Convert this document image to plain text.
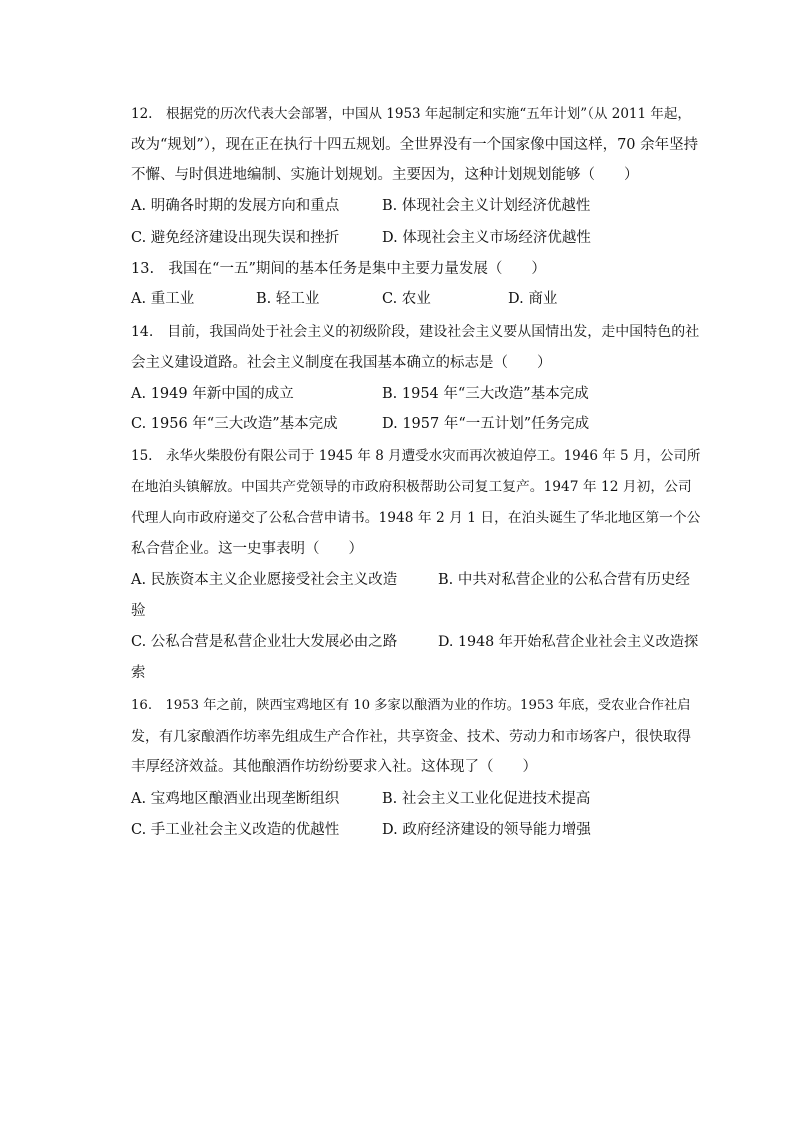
12.　根据党的历次代表大会部署，中国从 1953 年起制定和实施“五年计划”（从 2011 年起，
改为“规划”），现在正在执行十四五规划。全世界没有一个国家像中国这样，70 余年坚持
不懈、与时俱进地编制、实施计划规划。主要因为，这种计划规划能够（　　）
A. 明确各时期的发展方向和重点	B. 体现社会主义计划经济优越性
C. 避免经济建设出现失误和挫折	D. 体现社会主义市场经济优越性
13.　我国在“一五”期间的基本任务是集中主要力量发展（　　）
A. 重工业	B. 轻工业	C. 农业	D. 商业
14.　目前，我国尚处于社会主义的初级阶段，建设社会主义要从国情出发，走中国特色的社
会主义建设道路。社会主义制度在我国基本确立的标志是（　　）
A. 1949 年新中国的成立	B. 1954 年“三大改造”基本完成
C. 1956 年“三大改造”基本完成	D. 1957 年“一五计划”任务完成
15.　永华火柴股份有限公司于 1945 年 8 月遭受水灾而再次被迫停工。1946 年 5 月，公司所
在地泊头镇解放。中国共产党领导的市政府积极帮助公司复工复产。1947 年 12 月初，公司
代理人向市政府递交了公私合营申请书。1948 年 2 月 1 日，在泊头诞生了华北地区第一个公
私合营企业。这一史事表明（　　）
A. 民族资本主义企业愿接受社会主义改造	B. 中共对私营企业的公私合营有历史经
验
C. 公私合营是私营企业壮大发展必由之路	D. 1948 年开始私营企业社会主义改造探
索
16.　1953 年之前，陕西宝鸡地区有 10 多家以酿酒为业的作坊。1953 年底，受农业合作社启
发，有几家酿酒作坊率先组成生产合作社，共享资金、技术、劳动力和市场客户，很快取得
丰厚经济效益。其他酿酒作坊纷纷要求入社。这体现了（　　）
A. 宝鸡地区酿酒业出现垄断组织	B. 社会主义工业化促进技术提高
C. 手工业社会主义改造的优越性	D. 政府经济建设的领导能力增强
